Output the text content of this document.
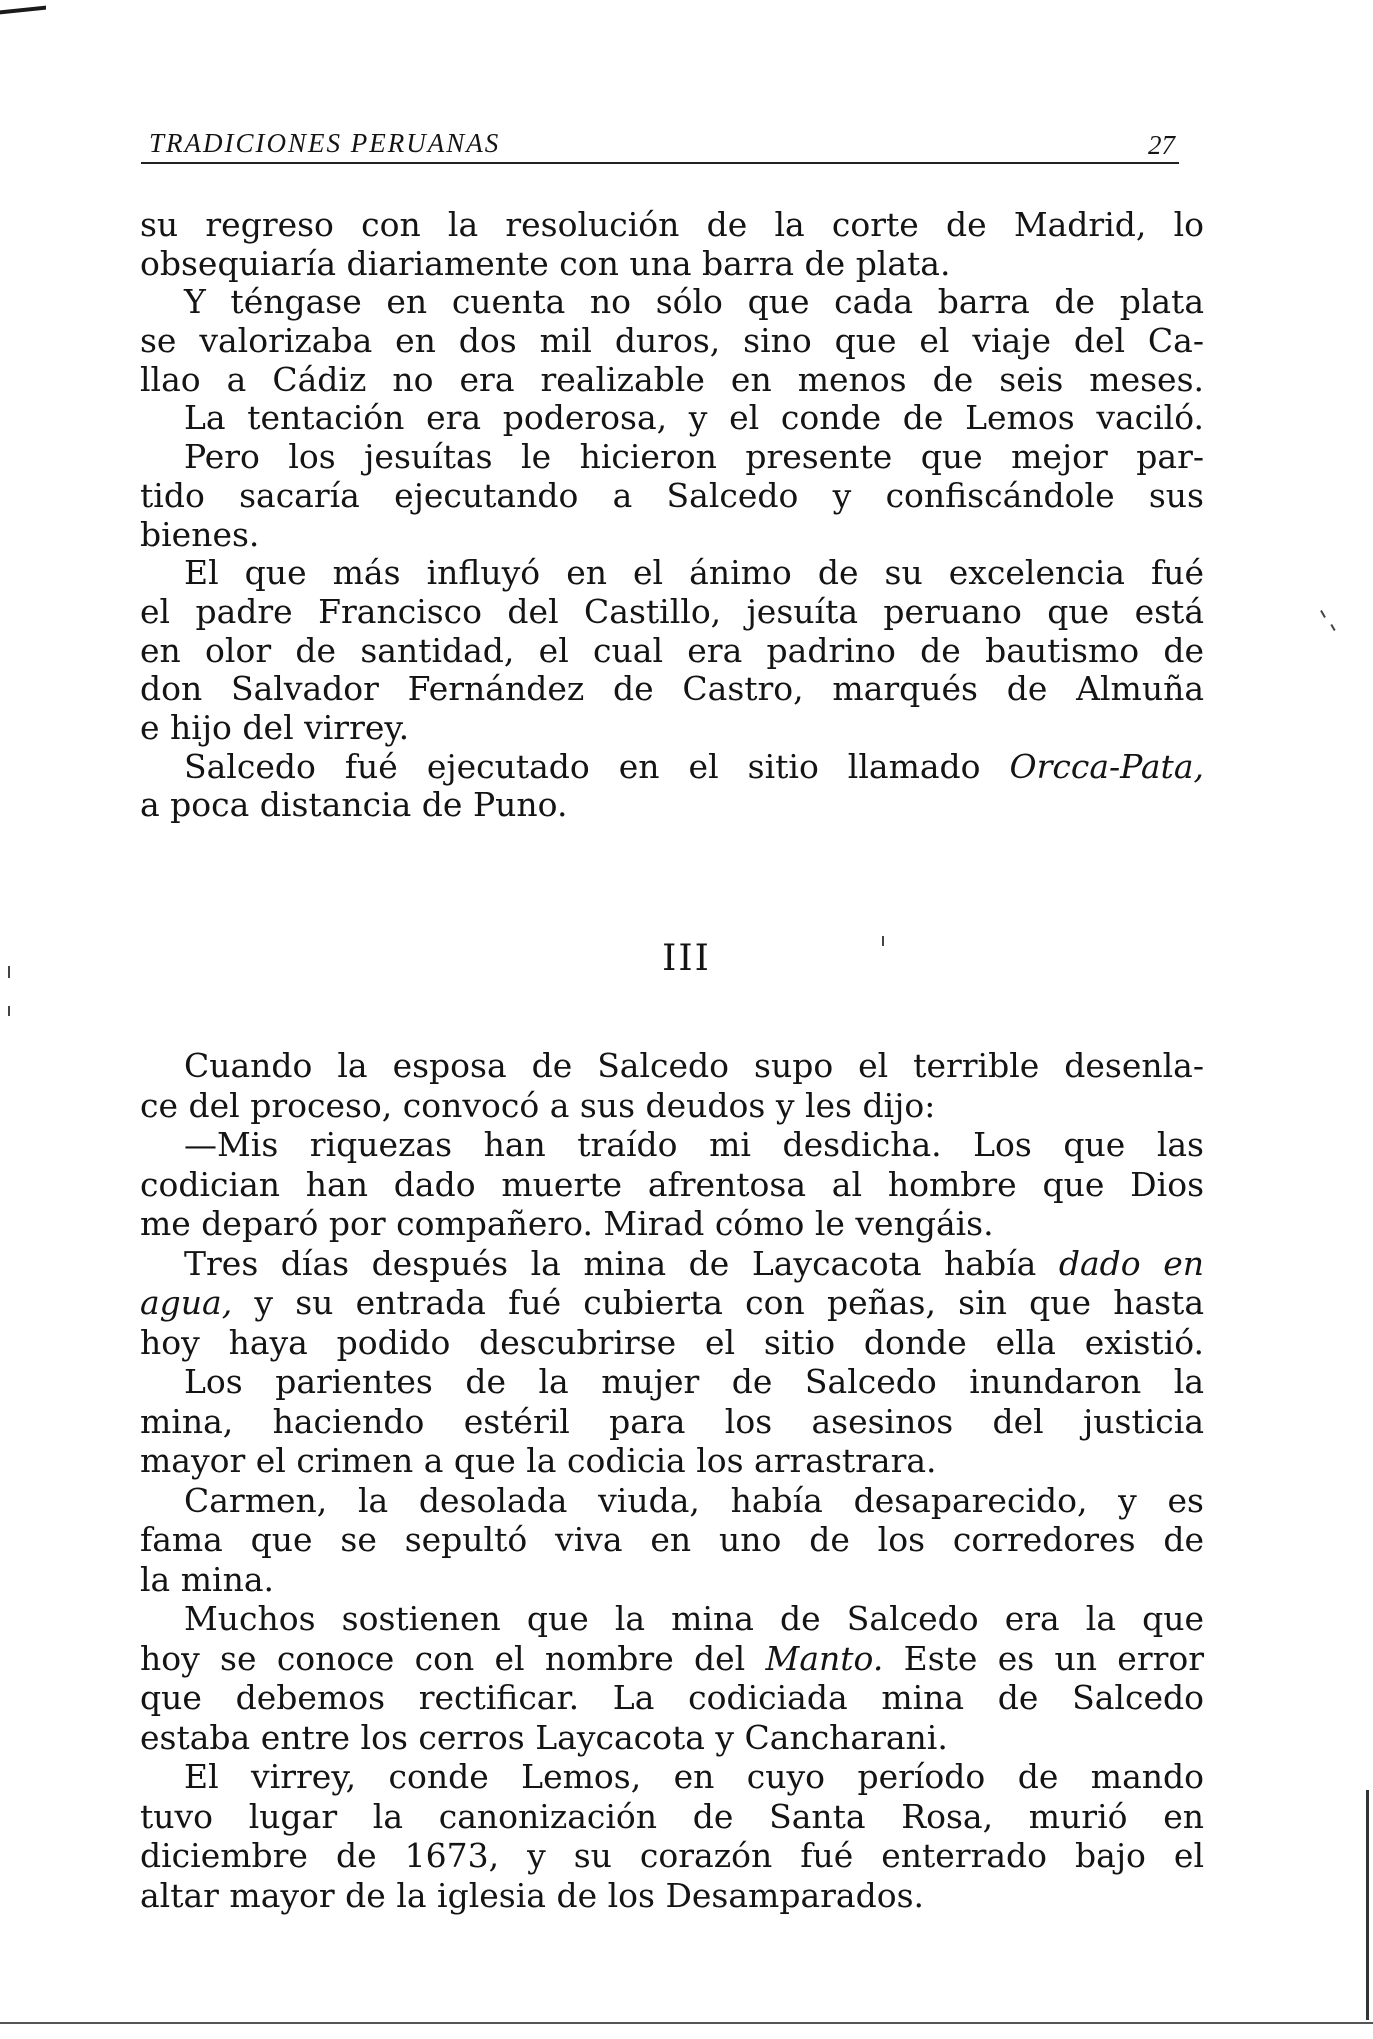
TRADICIONES PERUANAS	27
su regreso con la resolución de la corte de Madrid, lo
obsequiaría diariamente con una barra de plata.
Y téngase en cuenta no sólo que cada barra de plata
se valorizaba en dos mil duros, sino que el viaje del Ca-
llao a Cádiz no era realizable en menos de seis meses.
La tentación era poderosa, y el conde de Lemos vaciló.
Pero los jesuítas le hicieron presente que mejor par-
tido sacaría ejecutando a Salcedo y confiscándole sus
bienes.
El que más influyó en el ánimo de su excelencia fué
el padre Francisco del Castillo, jesuíta peruano que está
en olor de santidad, el cual era padrino de bautismo de
don Salvador Fernández de Castro, marqués de Almuña
e hijo del virrey.
Salcedo fué ejecutado en el sitio llamado Orcca-Pata,
a poca distancia de Puno.
III
Cuando la esposa de Salcedo supo el terrible desenla-
ce del proceso, convocó a sus deudos y les dijo:
—Mis riquezas han traído mi desdicha. Los que las
codician han dado muerte afrentosa al hombre que Dios
me deparó por compañero. Mirad cómo le vengáis.
Tres días después la mina de Laycacota había dado en
agua, y su entrada fué cubierta con peñas, sin que hasta
hoy haya podido descubrirse el sitio donde ella existió.
Los parientes de la mujer de Salcedo inundaron la
mina, haciendo estéril para los asesinos del justicia
mayor el crimen a que la codicia los arrastrara.
Carmen, la desolada viuda, había desaparecido, y es
fama que se sepultó viva en uno de los corredores de
la mina.
Muchos sostienen que la mina de Salcedo era la que
hoy se conoce con el nombre del Manto. Este es un error
que debemos rectificar. La codiciada mina de Salcedo
estaba entre los cerros Laycacota y Cancharani.
El virrey, conde Lemos, en cuyo período de mando
tuvo lugar la canonización de Santa Rosa, murió en
diciembre de 1673, y su corazón fué enterrado bajo el
altar mayor de la iglesia de los Desamparados.
